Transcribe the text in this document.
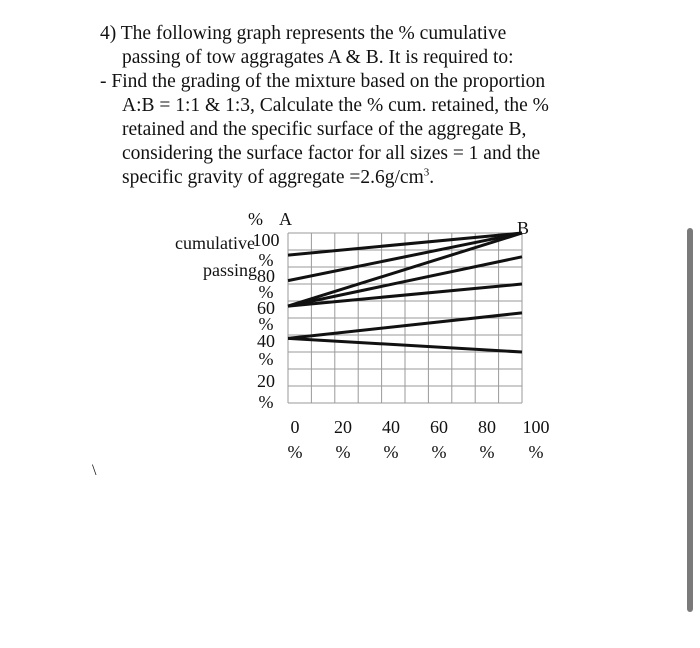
4) The following graph represents the % cumulative
passing of tow aggragates A & B. It is required to:
- Find the grading of the mixture based on the proportion
A:B = 1:1 & 1:3, Calculate the % cum. retained, the %
retained and the specific surface of the aggregate B,
considering the surface factor for all sizes = 1 and the
specific gravity of aggregate $=2.6g/cm^3$.
% A	B
cumulative
passing
100
%
80
%
60
%
40
%
20
%
0
%
20
%
40
%
60
%
80
%
100
%
\
